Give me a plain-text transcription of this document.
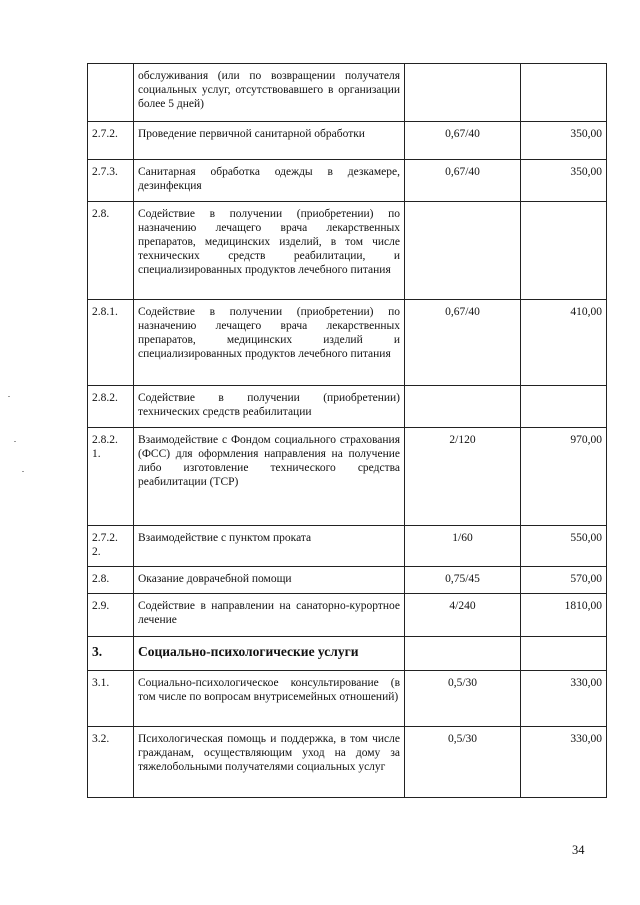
	обслуживания (или по возвращении получателя социальных услуг, отсутствовавшего в организации более 5 дней)		
2.7.2.	Проведение первичной санитарной обработки	0,67/40	350,00
2.7.3.	Санитарная обработка одежды в дезкамере, дезинфекция	0,67/40	350,00
2.8.	Содействие в получении (приобретении) по назначению лечащего врача лекарственных препаратов, медицинских изделий, в том числе технических средств реабилитации, и специализированных продуктов лечебного питания		
2.8.1.	Содействие в получении (приобретении) по назначению лечащего врача лекарственных препаратов, медицинских изделий и специализированных продуктов лечебного питания	0,67/40	410,00
2.8.2.	Содействие в получении (приобретении) технических средств реабилитации		
2.8.2. 1.	Взаимодействие с Фондом социального страхования (ФСС) для оформления направления на получение либо изготовление технического средства реабилитации (ТСР)	2/120	970,00
2.7.2. 2.	Взаимодействие с пунктом проката	1/60	550,00
2.8.	Оказание доврачебной помощи	0,75/45	570,00
2.9.	Содействие в направлении на санаторно-курортное лечение	4/240	1810,00
3.	Социально-психологические услуги		
3.1.	Социально-психологическое консультирование (в том числе по вопросам внутрисемейных отношений)	0,5/30	330,00
3.2.	Психологическая помощь и поддержка, в том числе гражданам, осуществляющим уход на дому за тяжелобольными получателями социальных услуг	0,5/30	330,00
34
